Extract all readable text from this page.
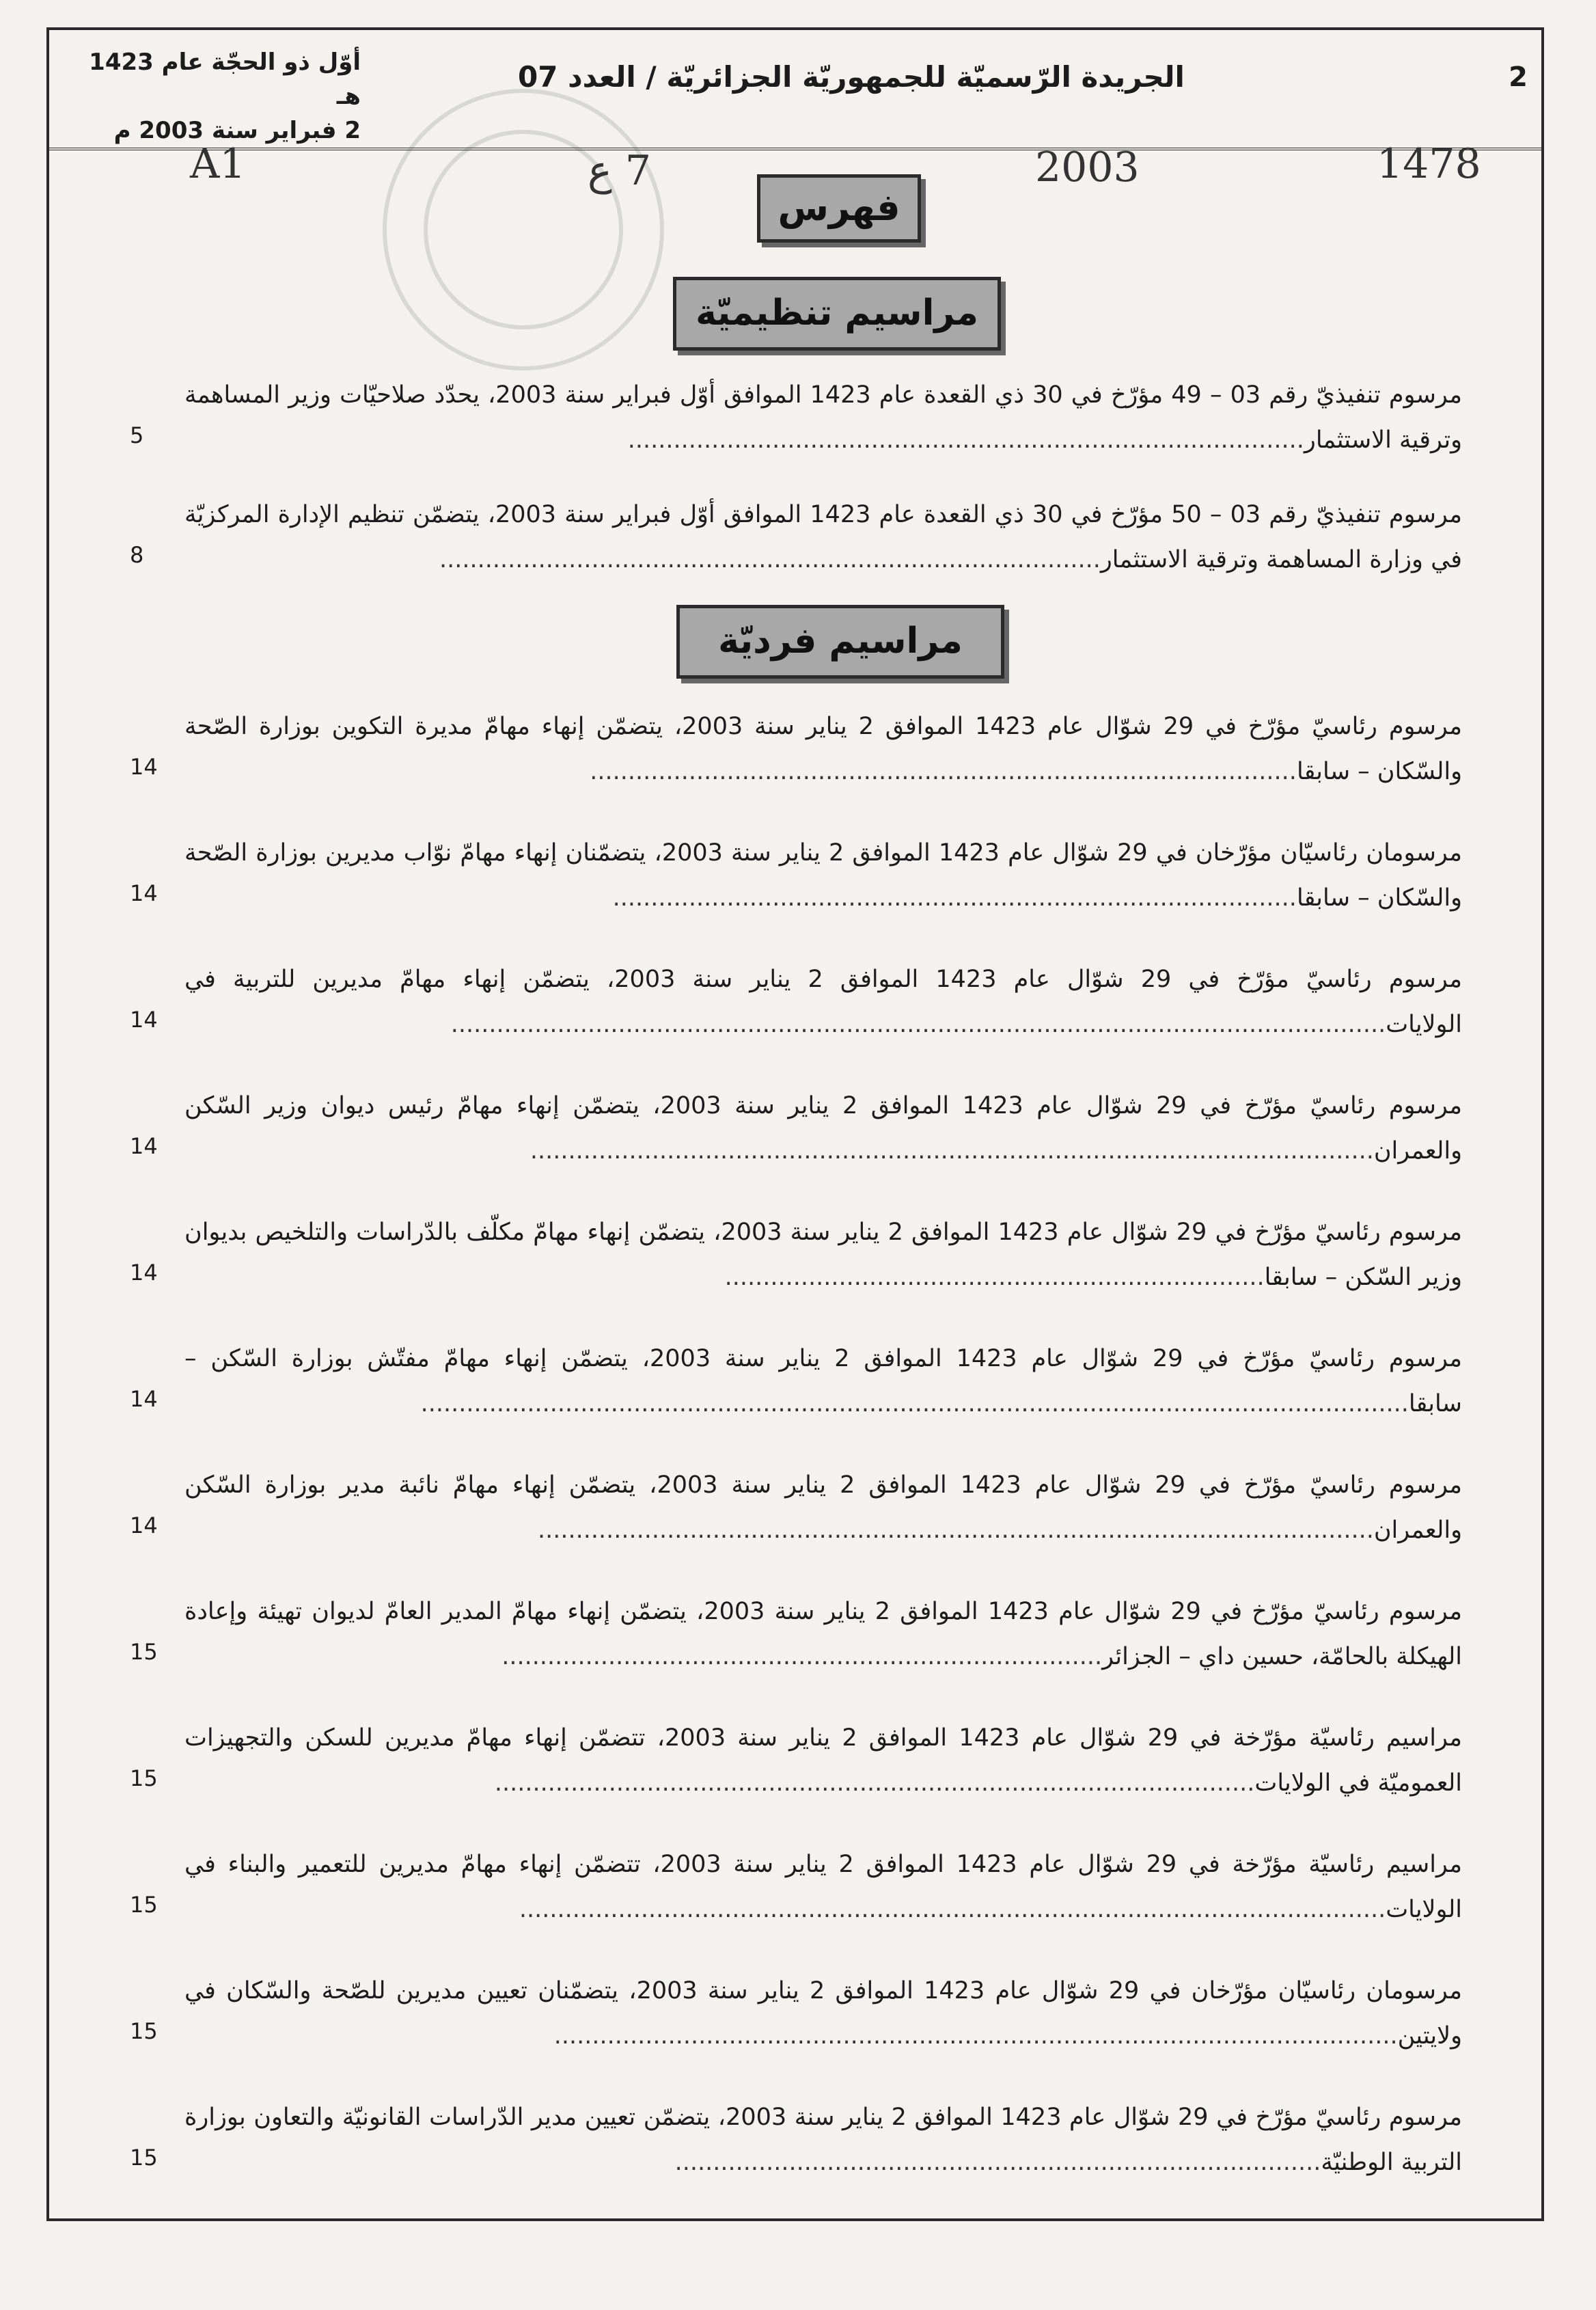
2
الجريدة الرّسميّة للجمهوريّة الجزائريّة / العدد 07
أوّل ذو الحجّة عام 1423 هـ
2 فبراير سنة 2003 م
A1	7 ع	2003	1478
فهرس
مراسيم تنظيميّة
مرسوم تنفيذيّ رقم 03 – 49 مؤرّخ في 30 ذي القعدة عام 1423 الموافق أوّل فبراير سنة 2003، يحدّد صلاحيّات وزير المساهمة وترقية الاستثمار.........................................................................................
5
مرسوم تنفيذيّ رقم 03 – 50 مؤرّخ في 30 ذي القعدة عام 1423 الموافق أوّل فبراير سنة 2003، يتضمّن تنظيم الإدارة المركزيّة في وزارة المساهمة وترقية الاستثمار.......................................................................................
8
مراسيم فرديّة
مرسوم رئاسيّ مؤرّخ في 29 شوّال عام 1423 الموافق 2 يناير سنة 2003، يتضمّن إنهاء مهامّ مديرة التكوين بوزارة الصّحة والسّكان – سابقا.............................................................................................
14
مرسومان رئاسيّان مؤرّخان في 29 شوّال عام 1423 الموافق 2 يناير سنة 2003، يتضمّنان إنهاء مهامّ نوّاب مديرين بوزارة الصّحة والسّكان – سابقا..........................................................................................
14
مرسوم رئاسيّ مؤرّخ في 29 شوّال عام 1423 الموافق 2 يناير سنة 2003، يتضمّن إنهاء مهامّ مديرين للتربية في الولايات...........................................................................................................................
14
مرسوم رئاسيّ مؤرّخ في 29 شوّال عام 1423 الموافق 2 يناير سنة 2003، يتضمّن إنهاء مهامّ رئيس ديوان وزير السّكن والعمران...............................................................................................................
14
مرسوم رئاسيّ مؤرّخ في 29 شوّال عام 1423 الموافق 2 يناير سنة 2003، يتضمّن إنهاء مهامّ مكلّف بالدّراسات والتلخيص بديوان وزير السّكن – سابقا.......................................................................
14
مرسوم رئاسيّ مؤرّخ في 29 شوّال عام 1423 الموافق 2 يناير سنة 2003، يتضمّن إنهاء مهامّ مفتّش بوزارة السّكن – سابقا..................................................................................................................................
14
مرسوم رئاسيّ مؤرّخ في 29 شوّال عام 1423 الموافق 2 يناير سنة 2003، يتضمّن إنهاء مهامّ نائبة مدير بوزارة السّكن والعمران..............................................................................................................
14
مرسوم رئاسيّ مؤرّخ في 29 شوّال عام 1423 الموافق 2 يناير سنة 2003، يتضمّن إنهاء مهامّ المدير العامّ لديوان تهيئة وإعادة الهيكلة بالحامّة، حسين داي – الجزائر...............................................................................
15
مراسيم رئاسيّة مؤرّخة في 29 شوّال عام 1423 الموافق 2 يناير سنة 2003، تتضمّن إنهاء مهامّ مديرين للسكن والتجهيزات العموميّة في الولايات....................................................................................................
15
مراسيم رئاسيّة مؤرّخة في 29 شوّال عام 1423 الموافق 2 يناير سنة 2003، تتضمّن إنهاء مهامّ مديرين للتعمير والبناء في الولايات..................................................................................................................
15
مرسومان رئاسيّان مؤرّخان في 29 شوّال عام 1423 الموافق 2 يناير سنة 2003، يتضمّنان تعيين مديرين للصّحة والسّكان في ولايتين...............................................................................................................
15
مرسوم رئاسيّ مؤرّخ في 29 شوّال عام 1423 الموافق 2 يناير سنة 2003، يتضمّن تعيين مدير الدّراسات القانونيّة والتعاون بوزارة التربية الوطنيّة.....................................................................................
15
